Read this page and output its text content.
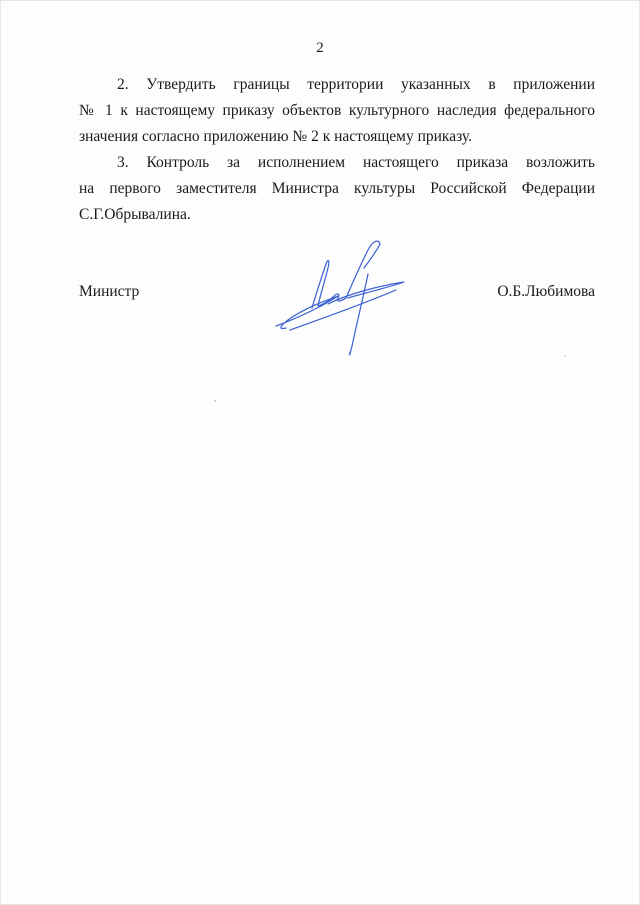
2
2. Утвердить границы территории указанных в приложении
№ 1 к настоящему приказу объектов культурного наследия федерального
значения согласно приложению № 2 к настоящему приказу.
3. Контроль за исполнением настоящего приказа возложить
на первого заместителя Министра культуры Российской Федерации
С.Г.Обрывалина.
Министр	О.Б.Любимова
